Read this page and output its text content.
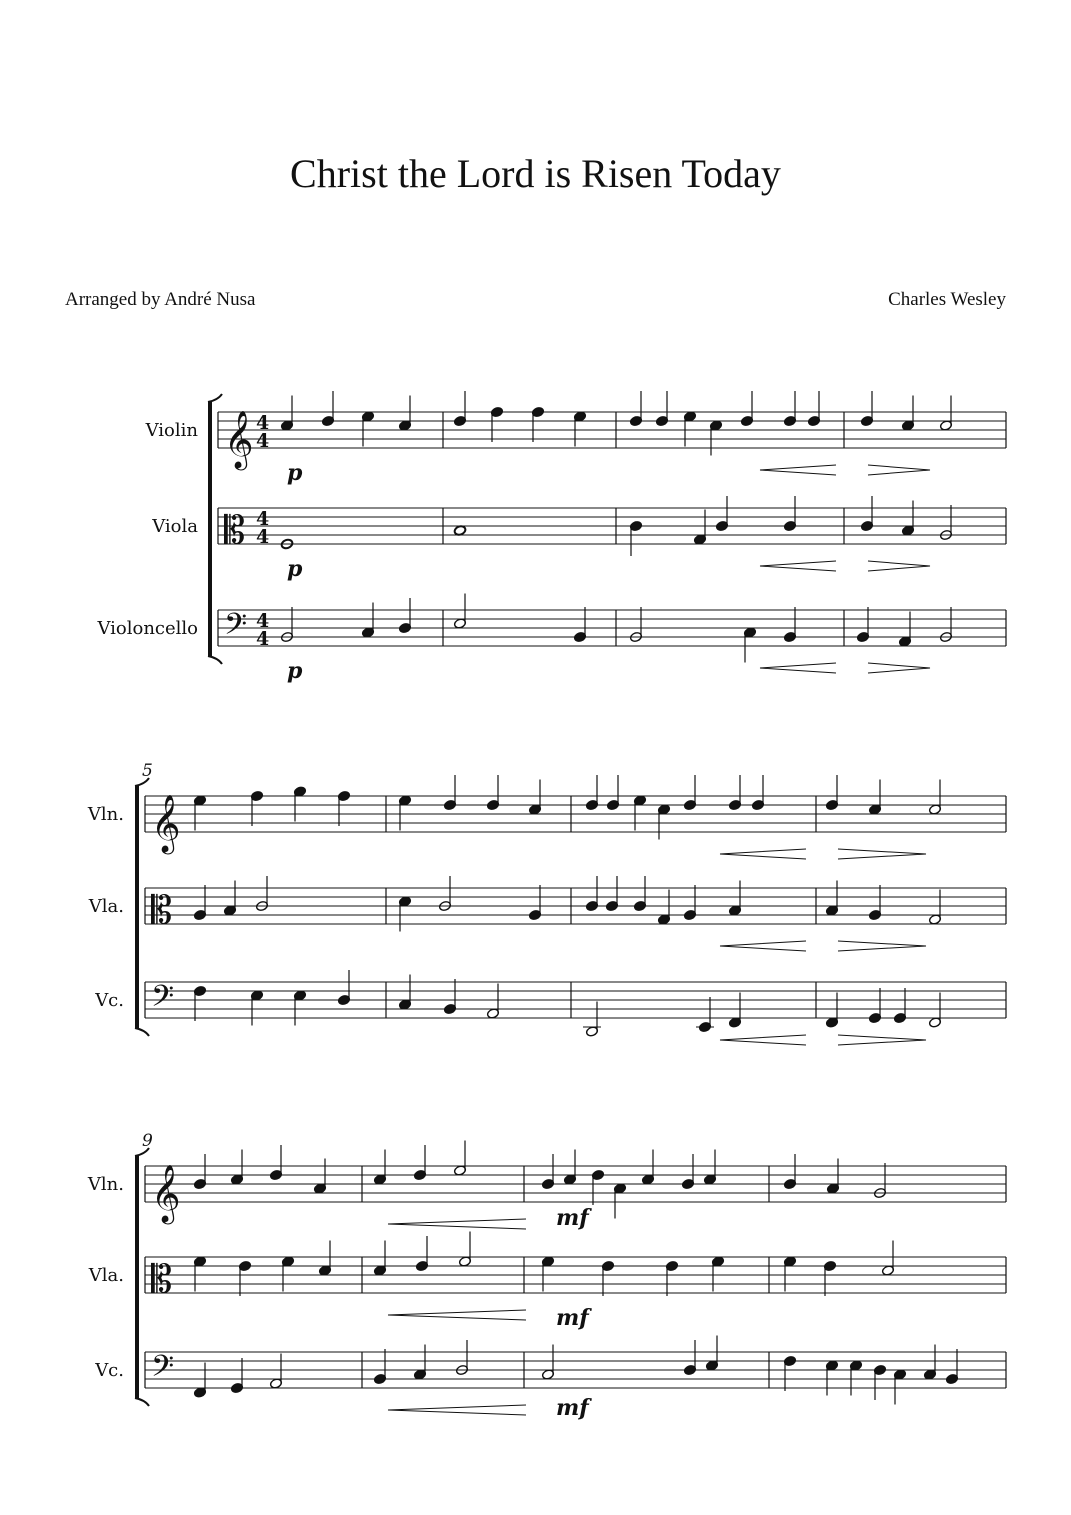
Christ the Lord is Risen Today
Arranged by André Nusa	Charles Wesley
Violin 𝄞 4
4
p
Viola 𝄡 4
4
p
Violoncello 𝄢 4
4
p
5
Vln. 𝄞
Vla. 𝄡
Vc. 𝄢
9
Vln. 𝄞	mf
Vla. 𝄡
mf
Vc. 𝄢
mf
